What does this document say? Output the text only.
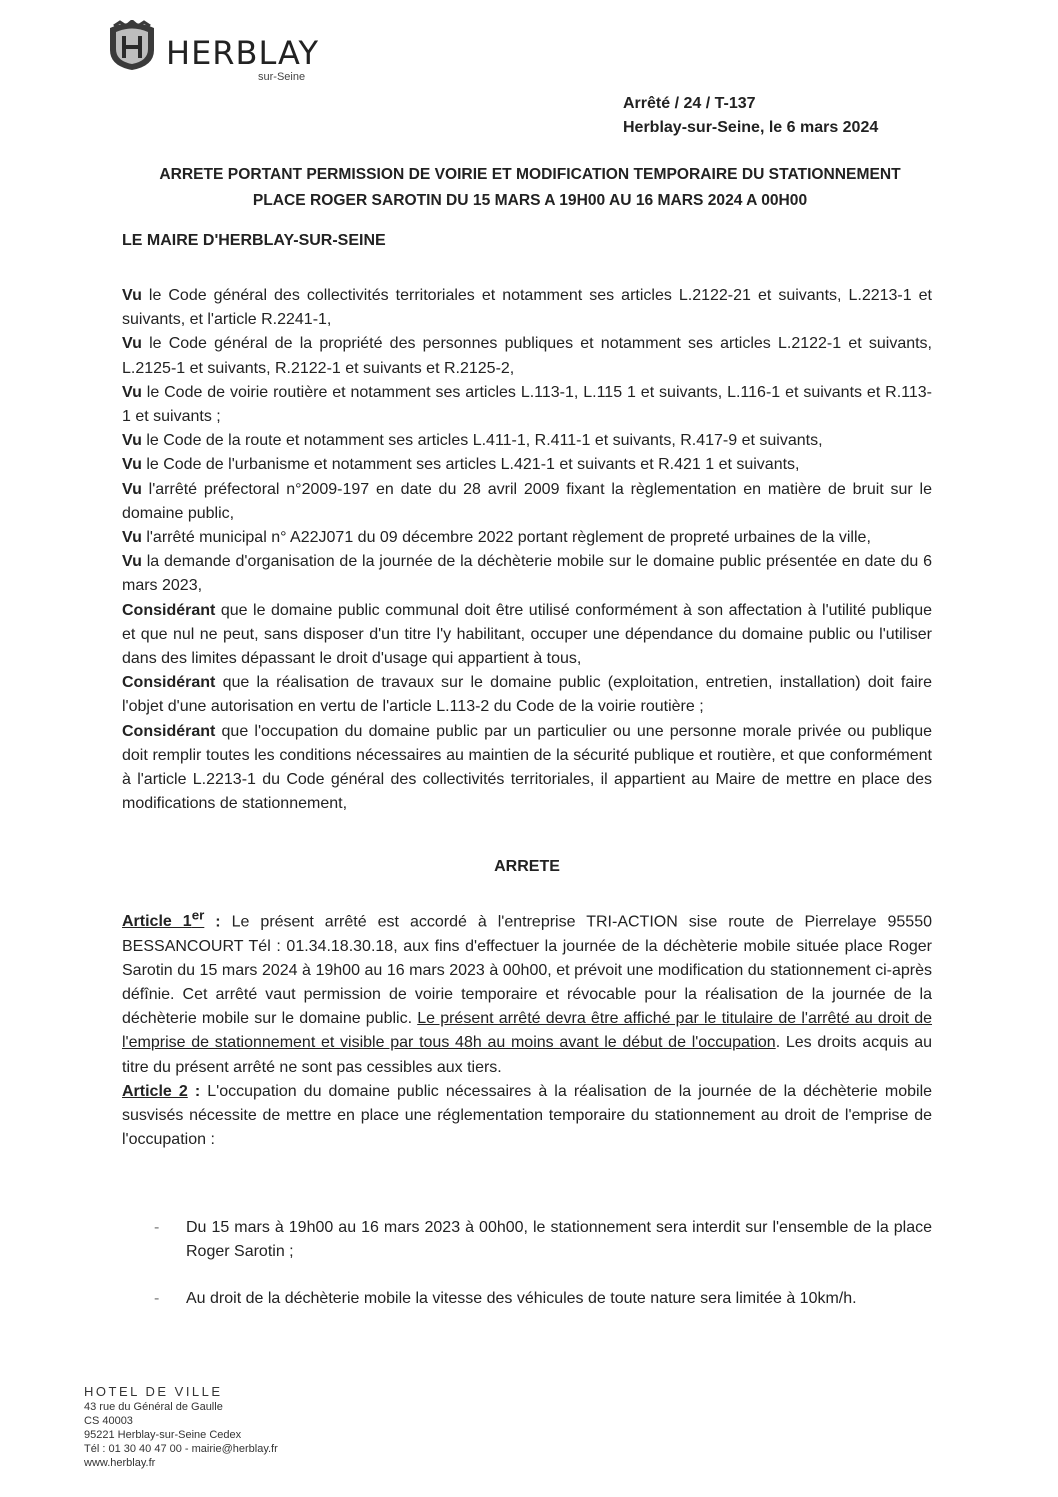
HERBLAY
sur-Seine
Arrêté / 24 / T-137
Herblay-sur-Seine, le 6 mars 2024
ARRETE PORTANT PERMISSION DE VOIRIE ET MODIFICATION TEMPORAIRE DU STATIONNEMENT
PLACE ROGER SAROTIN DU 15 MARS A 19H00 AU 16 MARS 2024 A 00H00
LE MAIRE D'HERBLAY-SUR-SEINE

Vu le Code général des collectivités territoriales et notamment ses articles L.2122-21 et suivants, L.2213-1 et suivants, et l'article R.2241-1,

Vu le Code général de la propriété des personnes publiques et notamment ses articles L.2122-1 et suivants, L.2125-1 et suivants, R.2122-1 et suivants et R.2125-2,

Vu le Code de voirie routière et notamment ses articles L.113-1, L.115 1 et suivants, L.116-1 et suivants et R.113-1 et suivants ;

Vu le Code de la route et notamment ses articles L.411-1, R.411-1 et suivants, R.417-9 et suivants,

Vu le Code de l'urbanisme et notamment ses articles L.421-1 et suivants et R.421 1 et suivants,

Vu l'arrêté préfectoral n°2009-197 en date du 28 avril 2009 fixant la règlementation en matière de bruit sur le domaine public,

Vu l'arrêté municipal n° A22J071 du 09 décembre 2022 portant règlement de propreté urbaines de la ville,

Vu la demande d'organisation de la journée de la déchèterie mobile sur le domaine public présentée en date du 6 mars 2023,

Considérant que le domaine public communal doit être utilisé conformément à son affectation à l'utilité publique et que nul ne peut, sans disposer d'un titre l'y habilitant, occuper une dépendance du domaine public ou l'utiliser dans des limites dépassant le droit d'usage qui appartient à tous,

Considérant que la réalisation de travaux sur le domaine public (exploitation, entretien, installation) doit faire l'objet d'une autorisation en vertu de l'article L.113-2 du Code de la voirie routière ;

Considérant que l'occupation du domaine public par un particulier ou une personne morale privée ou publique doit remplir toutes les conditions nécessaires au maintien de la sécurité publique et routière, et que conformément à l'article L.2213-1 du Code général des collectivités territoriales, il appartient au Maire de mettre en place des modifications de stationnement,

ARRETE

Article 1er : Le présent arrêté est accordé à l'entreprise TRI-ACTION sise route de Pierrelaye 95550 BESSANCOURT Tél : 01.34.18.30.18, aux fins d'effectuer la journée de la déchèterie mobile située place Roger Sarotin du 15 mars 2024 à 19h00 au 16 mars 2023 à 00h00, et prévoit une modification du stationnement ci-après défînie. Cet arrêté vaut permission de voirie temporaire et révocable pour la réalisation de la journée de la déchèterie mobile sur le domaine public. Le présent arrêté devra être affiché par le titulaire de l'arrêté au droit de l'emprise de stationnement et visible par tous 48h au moins avant le début de l'occupation. Les droits acquis au titre du présent arrêté ne sont pas cessibles aux tiers.

Article 2 : L'occupation du domaine public nécessaires à la réalisation de la journée de la déchèterie mobile susvisés nécessite de mettre en place une réglementation temporaire du stationnement au droit de l'emprise de l'occupation :

- Du 15 mars à 19h00 au 16 mars 2023 à 00h00, le stationnement sera interdit sur l'ensemble de la place Roger Sarotin ;
- Au droit de la déchèterie mobile la vitesse des véhicules de toute nature sera limitée à 10km/h.
HOTEL DE VILLE
43 rue du Général de Gaulle
CS 40003
95221 Herblay-sur-Seine Cedex
Tél : 01 30 40 47 00 - mairie@herblay.fr
www.herblay.fr
